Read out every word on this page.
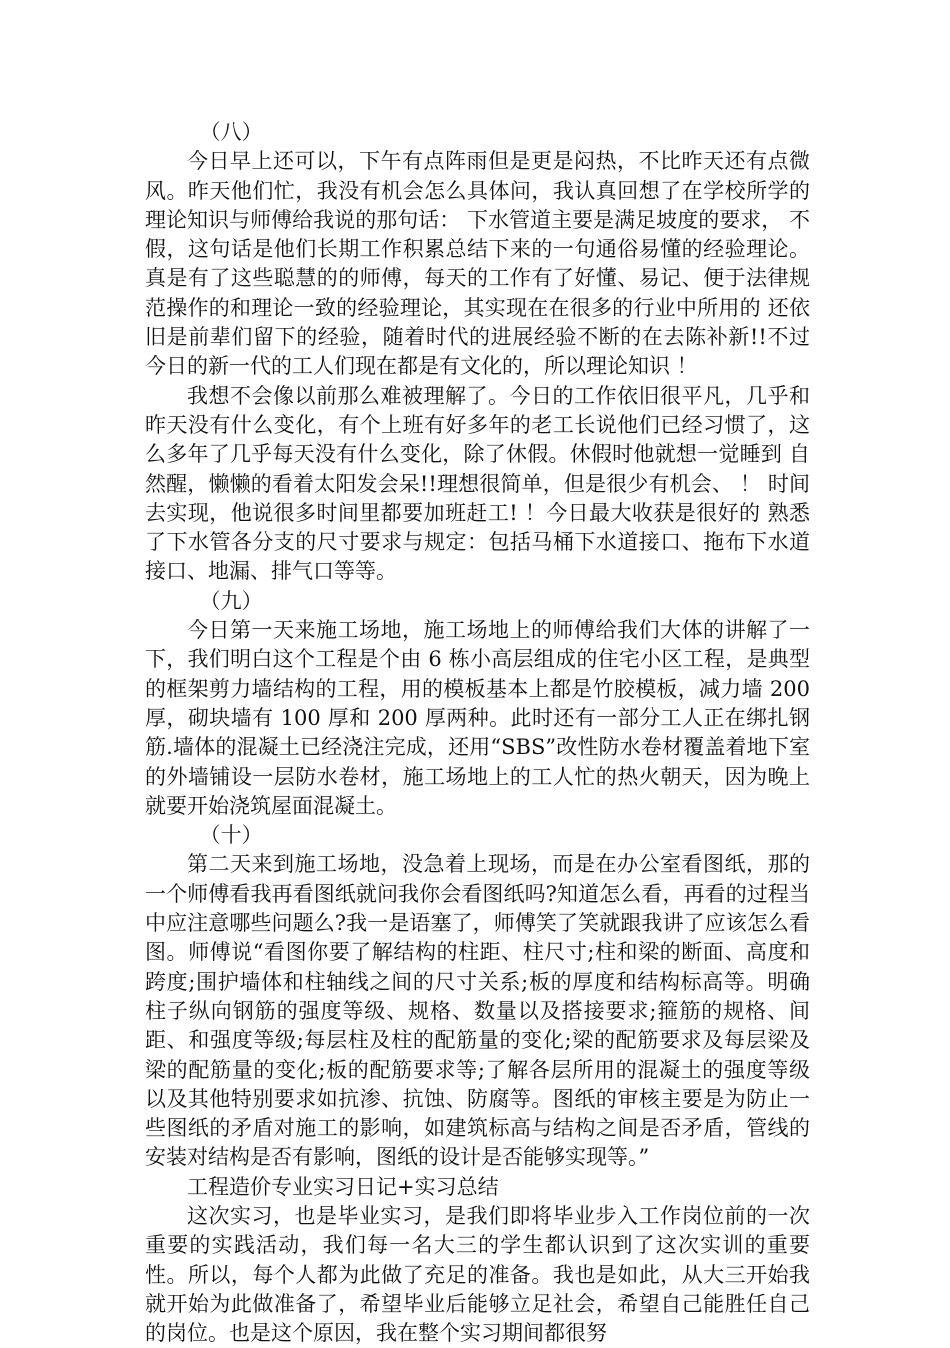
（八）

今日早上还可以，下午有点阵雨但是更是闷热，不比昨天还有点微风。昨天他们忙，我没有机会怎么具体问，我认真回想了在学校所学的理论知识与师傅给我说的那句话： 下水管道主要是满足坡度的要求， 不假，这句话是他们长期工作积累总结下来的一句通俗易懂的经验理论。真是有了这些聪慧的的师傅，每天的工作有了好懂、易记、便于法律规范操作的和理论一致的经验理论，其实现在在很多的行业中所用的 还依旧是前辈们留下的经验，随着时代的进展经验不断的在去陈补新!!不过今日的新一代的工人们现在都是有文化的，所以理论知识 ！

我想不会像以前那么难被理解了。今日的工作依旧很平凡，几乎和昨天没有什么变化，有个上班有好多年的老工长说他们已经习惯了，这么多年了几乎每天没有什么变化，除了休假。休假时他就想一觉睡到 自然醒，懒懒的看着太阳发会呆!!理想很简单，但是很少有机会、 ！ 时间去实现，他说很多时间里都要加班赶工! ！今日最大收获是很好的 熟悉了下水管各分支的尺寸要求与规定：包括马桶下水道接口、拖布下水道接口、地漏、排气口等等。

（九）

今日第一天来施工场地，施工场地上的师傅给我们大体的讲解了一下，我们明白这个工程是个由 6 栋小高层组成的住宅小区工程，是典型的框架剪力墙结构的工程，用的模板基本上都是竹胶模板，减力墙 200 厚，砌块墙有 100 厚和 200 厚两种。此时还有一部分工人正在绑扎钢筋.墙体的混凝土已经浇注完成，还用“SBS”改性防水卷材覆盖着地下室的外墙铺设一层防水卷材，施工场地上的工人忙的热火朝天，因为晚上就要开始浇筑屋面混凝土。

（十）

第二天来到施工场地，没急着上现场，而是在办公室看图纸，那的一个师傅看我再看图纸就问我你会看图纸吗?知道怎么看，再看的过程当中应注意哪些问题么?我一是语塞了，师傅笑了笑就跟我讲了应该怎么看图。师傅说“看图你要了解结构的柱距、柱尺寸;柱和梁的断面、高度和跨度;围护墙体和柱轴线之间的尺寸关系;板的厚度和结构标高等。明确柱子纵向钢筋的强度等级、规格、数量以及搭接要求;箍筋的规格、间距、和强度等级;每层柱及柱的配筋量的变化;梁的配筋要求及每层梁及梁的配筋量的变化;板的配筋要求等;了解各层所用的混凝土的强度等级以及其他特别要求如抗渗、抗蚀、防腐等。图纸的审核主要是为防止一些图纸的矛盾对施工的影响，如建筑标高与结构之间是否矛盾，管线的安装对结构是否有影响，图纸的设计是否能够实现等。”

工程造价专业实习日记+实习总结

这次实习，也是毕业实习，是我们即将毕业步入工作岗位前的一次重要的实践活动，我们每一名大三的学生都认识到了这次实训的重要性。所以，每个人都为此做了充足的准备。我也是如此，从大三开始我就开始为此做准备了，希望毕业后能够立足社会，希望自己能胜任自己的岗位。也是这个原因，我在整个实习期间都很努
